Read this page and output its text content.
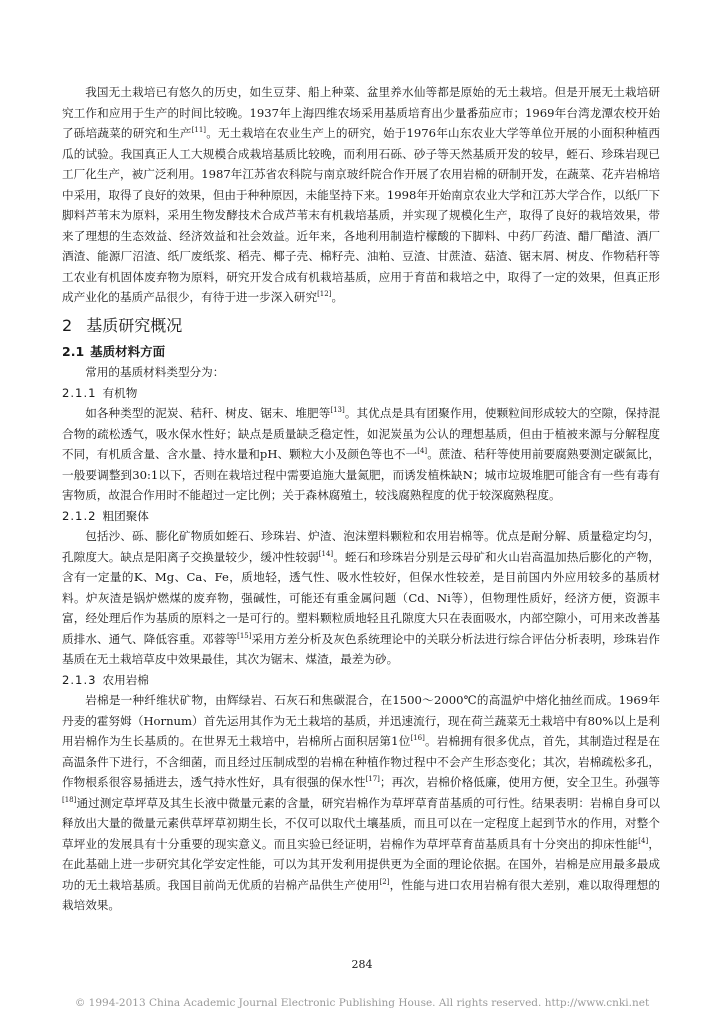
我国无土栽培已有悠久的历史，如生豆芽、船上种菜、盆里养水仙等都是原始的无土栽培。但是开展无土栽培研究工作和应用于生产的时间比较晚。1937年上海四维农场采用基质培育出少量番茄应市；1969年台湾龙潭农校开始了砾培蔬菜的研究和生产[11]。无土栽培在农业生产上的研究，始于1976年山东农业大学等单位开展的小面积种植西瓜的试验。我国真正人工大规模合成栽培基质比较晚，而利用石砾、砂子等天然基质开发的较早，蛭石、珍珠岩现已工厂化生产，被广泛利用。1987年江苏省农科院与南京玻纤院合作开展了农用岩棉的研制开发，在蔬菜、花卉岩棉培中采用，取得了良好的效果，但由于种种原因，未能坚持下来。1998年开始南京农业大学和江苏大学合作，以纸厂下脚料芦苇末为原料，采用生物发酵技术合成芦苇末有机栽培基质，并实现了规模化生产，取得了良好的栽培效果，带来了理想的生态效益、经济效益和社会效益。近年来，各地利用制造柠檬酸的下脚料、中药厂药渣、醋厂醋渣、酒厂酒渣、能源厂沼渣、纸厂废纸浆、稻壳、椰子壳、棉籽壳、油粕、豆渣、甘蔗渣、菇渣、锯末屑、树皮、作物秸秆等工农业有机固体废弃物为原料，研究开发合成有机栽培基质，应用于育苗和栽培之中，取得了一定的效果，但真正形成产业化的基质产品很少，有待于进一步深入研究[12]。

2 基质研究概况
2.1 基质材料方面

常用的基质材料类型分为：

2.1.1 有机物

如各种类型的泥炭、秸秆、树皮、锯末、堆肥等[13]。其优点是具有团聚作用，使颗粒间形成较大的空隙，保持混合物的疏松透气，吸水保水性好；缺点是质量缺乏稳定性，如泥炭虽为公认的理想基质，但由于植被来源与分解程度不同，有机质含量、含水量、持水量和pH、颗粒大小及颜色等也不一[4]。蔗渣、秸秆等使用前要腐熟要测定碳氮比，一般要调整到30:1以下，否则在栽培过程中需要追施大量氮肥，而诱发植株缺N；城市垃圾堆肥可能含有一些有毒有害物质，故混合作用时不能超过一定比例；关于森林腐殖土，较浅腐熟程度的优于较深腐熟程度。

2.1.2 粗团聚体

包括沙、砾、膨化矿物质如蛭石、珍珠岩、炉渣、泡沫塑料颗粒和农用岩棉等。优点是耐分解、质量稳定均匀，孔隙度大。缺点是阳离子交换量较少，缓冲性较弱[14]。蛭石和珍珠岩分别是云母矿和火山岩高温加热后膨化的产物，含有一定量的K、Mg、Ca、Fe，质地轻，透气性、吸水性较好，但保水性较差，是目前国内外应用较多的基质材料。炉灰渣是锅炉燃煤的废弃物，强碱性，可能还有重金属问题（Cd、Ni等），但物理性质好，经济方便，资源丰富，经处理后作为基质的原料之一是可行的。塑料颗粒质地轻且孔隙度大只在表面吸水，内部空隙小，可用来改善基质排水、通气、降低容重。邓蓉等[15]采用方差分析及灰色系统理论中的关联分析法进行综合评估分析表明，珍珠岩作基质在无土栽培草皮中效果最佳，其次为锯末、煤渣，最差为砂。

2.1.3 农用岩棉

岩棉是一种纤维状矿物，由辉绿岩、石灰石和焦碳混合，在1500～2000℃的高温炉中熔化抽丝而成。1969年丹麦的霍努姆（Hornum）首先运用其作为无土栽培的基质，并迅速流行，现在荷兰蔬菜无土栽培中有80%以上是利用岩棉作为生长基质的。在世界无土栽培中，岩棉所占面积居第1位[16]。岩棉拥有很多优点，首先，其制造过程是在高温条件下进行，不含细菌，而且经过压制成型的岩棉在种植作物过程中不会产生形态变化；其次，岩棉疏松多孔，作物根系很容易插进去，透气持水性好，具有很强的保水性[17]；再次，岩棉价格低廉，使用方便，安全卫生。孙强等[18]通过测定草坪草及其生长液中微量元素的含量，研究岩棉作为草坪草育苗基质的可行性。结果表明：岩棉自身可以释放出大量的微量元素供草坪草初期生长，不仅可以取代土壤基质，而且可以在一定程度上起到节水的作用，对整个草坪业的发展具有十分重要的现实意义。而且实验已经证明，岩棉作为草坪草育苗基质具有十分突出的抑床性能[4]，在此基础上进一步研究其化学安定性能，可以为其开发利用提供更为全面的理论依据。在国外，岩棉是应用最多最成功的无土栽培基质。我国目前尚无优质的岩棉产品供生产使用[2]，性能与进口农用岩棉有很大差别，难以取得理想的栽培效果。

284
© 1994-2013 China Academic Journal Electronic Publishing House. All rights reserved. http://www.cnki.net
